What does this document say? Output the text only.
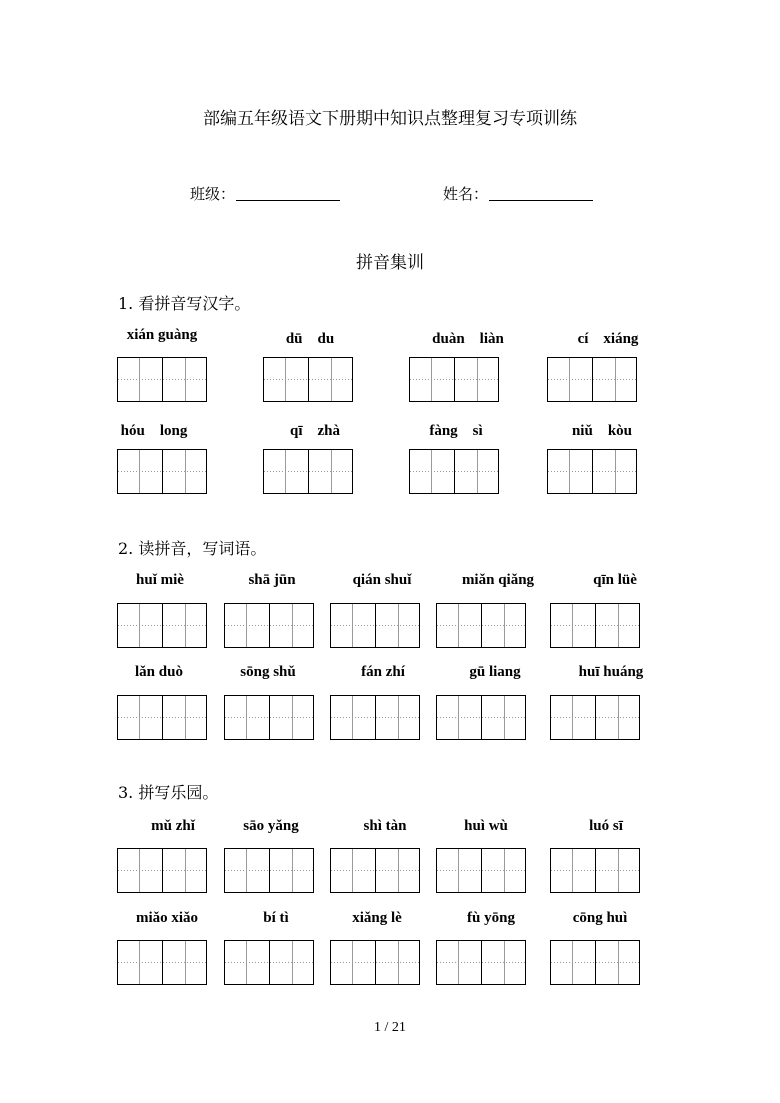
部编五年级语文下册期中知识点整理复习专项训练
班级：	姓名：
拼音集训
1. 看拼音写汉字。
xián guàng	dū　du	duàn　liàn	cí　xiáng
hóu　long	qī　zhà	fàng　sì	niǔ　kòu
2. 读拼音，写词语。
huǐ miè	shā jūn	qián shuǐ	miǎn qiǎng	qīn lüè
lǎn duò	sōng shǔ	fán zhí	gū liang	huī huáng
3. 拼写乐园。
mǔ zhǐ	sāo yǎng	shì tàn	huì wù	luó sī
miǎo xiǎo	bí tì	xiǎng lè	fù yōng	cōng huì
1 / 21
